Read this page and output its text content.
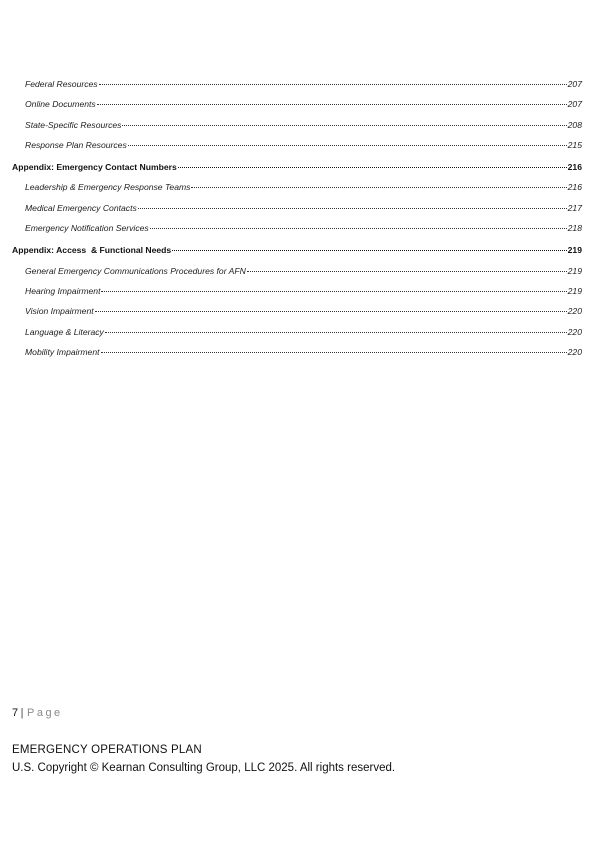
Federal Resources	207
Online Documents	207
State-Specific Resources	208
Response Plan Resources	215
Appendix: Emergency Contact Numbers	216
Leadership & Emergency Response Teams	216
Medical Emergency Contacts	217
Emergency Notification Services	218
Appendix: Access  & Functional Needs	219
General Emergency Communications Procedures for AFN	219
Hearing Impairment	219
Vision Impairment	220
Language & Literacy	220
Mobility Impairment	220
7| Page
EMERGENCY OPERATIONS PLAN
U.S. Copyright © Kearnan Consulting Group, LLC 2025. All rights reserved.
